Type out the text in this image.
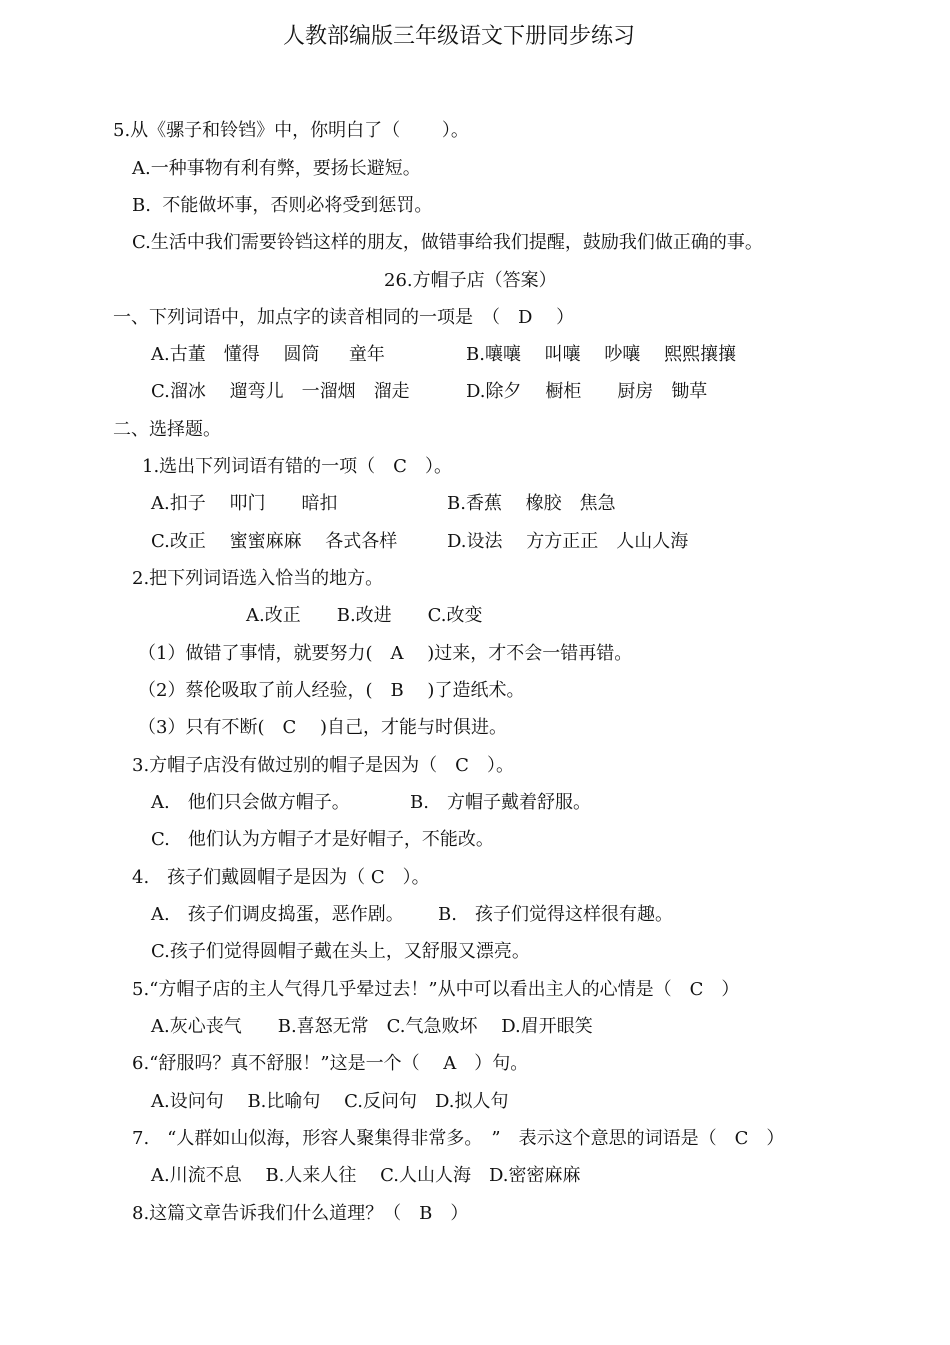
人教部编版三年级语文下册同步练习
5.从《骡子和铃铛》中，你明白了（　　 ）。
A.一种事物有利有弊，要扬长避短。
B.  不能做坏事，否则必将受到惩罚。
C.生活中我们需要铃铛这样的朋友，做错事给我们提醒，鼓励我们做正确的事。
26.方帽子店（答案）
一、下列词语中，加点字的读音相同的一项是　（　D　 ）
A.古董　懂得　 圆筒　  童年	B.嚷嚷　 叫嚷　 吵嚷　 熙熙攘攘
C.溜冰　 遛弯儿　一溜烟　溜走	D.除夕　 橱柜　　厨房　锄草
二、选择题。
1.选出下列词语有错的一项（　C　）。
A.扣子　 叩门　　暗扣	B.香蕉　 橡胶　焦急
C.改正　 蜜蜜麻麻　 各式各样	D.设法　 方方正正　人山人海
2.把下列词语选入恰当的地方。
A.改正　　B.改进　　C.改变
（1）做错了事情，就要努力(　A　 )过来，才不会一错再错。
（2）蔡伦吸取了前人经验，(　B　 )了造纸术。
（3）只有不断(　C　 )自己，才能与时俱进。
3.方帽子店没有做过别的帽子是因为（　C　）。
A.　他们只会做方帽子。	B.　方帽子戴着舒服。
C.　他们认为方帽子才是好帽子，不能改。
4.　孩子们戴圆帽子是因为（ C　）。
A.　孩子们调皮捣蛋，恶作剧。 B.　孩子们觉得这样很有趣。
C.孩子们觉得圆帽子戴在头上，又舒服又漂亮。
5.“方帽子店的主人气得几乎晕过去！”从中可以看出主人的心情是（　C　）
A.灰心丧气　　B.喜怒无常　C.气急败坏　 D.眉开眼笑
6.“舒服吗？真不舒服！”这是一个（　 A　）句。
A.设问句　 B.比喻句　 C.反问句　D.拟人句
7.　“人群如山似海，形容人聚集得非常多。　”　表示这个意思的词语是（　C　）
A.川流不息　 B.人来人往　 C.人山人海　D.密密麻麻
8.这篇文章告诉我们什么道理？（　B　）
